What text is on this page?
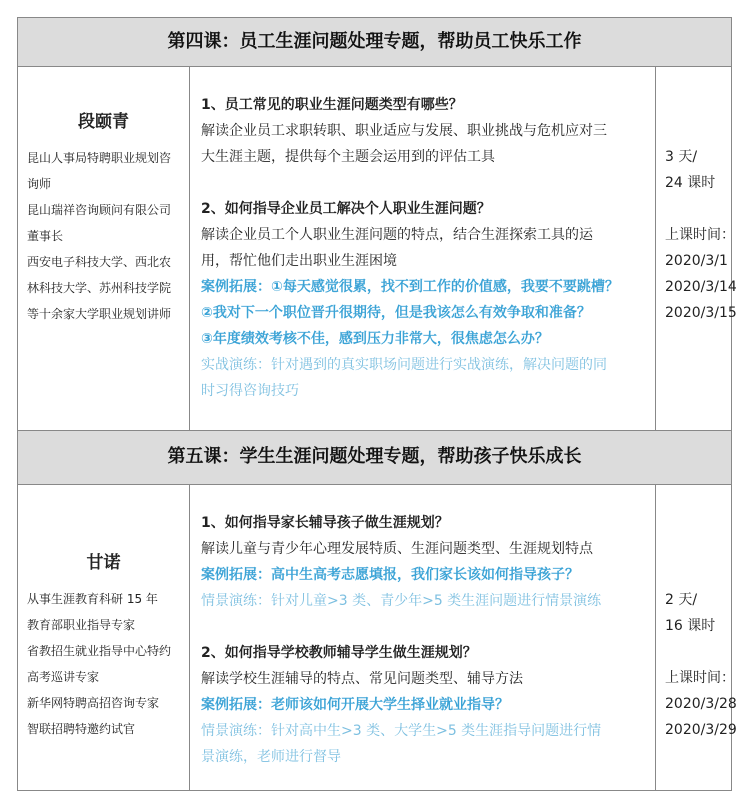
第四课：员工生涯问题处理专题，帮助员工快乐工作
段颐青
昆山人事局特聘职业规划咨
询师
昆山瑞祥咨询顾问有限公司
董事长
西安电子科技大学、西北农
林科技大学、苏州科技学院
等十余家大学职业规划讲师
1、员工常见的职业生涯问题类型有哪些？
解读企业员工求职转职、职业适应与发展、职业挑战与危机应对三
大生涯主题，提供每个主题会运用到的评估工具
2、如何指导企业员工解决个人职业生涯问题？
解读企业员工个人职业生涯问题的特点，结合生涯探索工具的运
用，帮忙他们走出职业生涯困境
案例拓展：①每天感觉很累，找不到工作的价值感，我要不要跳槽？
②我对下一个职位晋升很期待，但是我该怎么有效争取和准备？
③年度绩效考核不佳，感到压力非常大，很焦虑怎么办？
实战演练：针对遇到的真实职场问题进行实战演练，解决问题的同
时习得咨询技巧
3 天/
24 课时
上课时间：
2020/3/1
2020/3/14
2020/3/15
第五课：学生生涯问题处理专题，帮助孩子快乐成长
甘诺
从事生涯教育科研 15 年
教育部职业指导专家
省教招生就业指导中心特约
高考巡讲专家
新华网特聘高招咨询专家
智联招聘特邀约试官
1、如何指导家长辅导孩子做生涯规划？
解读儿童与青少年心理发展特质、生涯问题类型、生涯规划特点
案例拓展：高中生高考志愿填报，我们家长该如何指导孩子？
情景演练：针对儿童>3 类、青少年>5 类生涯问题进行情景演练
2、如何指导学校教师辅导学生做生涯规划？
解读学校生涯辅导的特点、常见问题类型、辅导方法
案例拓展：老师该如何开展大学生择业就业指导？
情景演练：针对高中生>3 类、大学生>5 类生涯指导问题进行情
景演练，老师进行督导
2 天/
16 课时
上课时间：
2020/3/28
2020/3/29
